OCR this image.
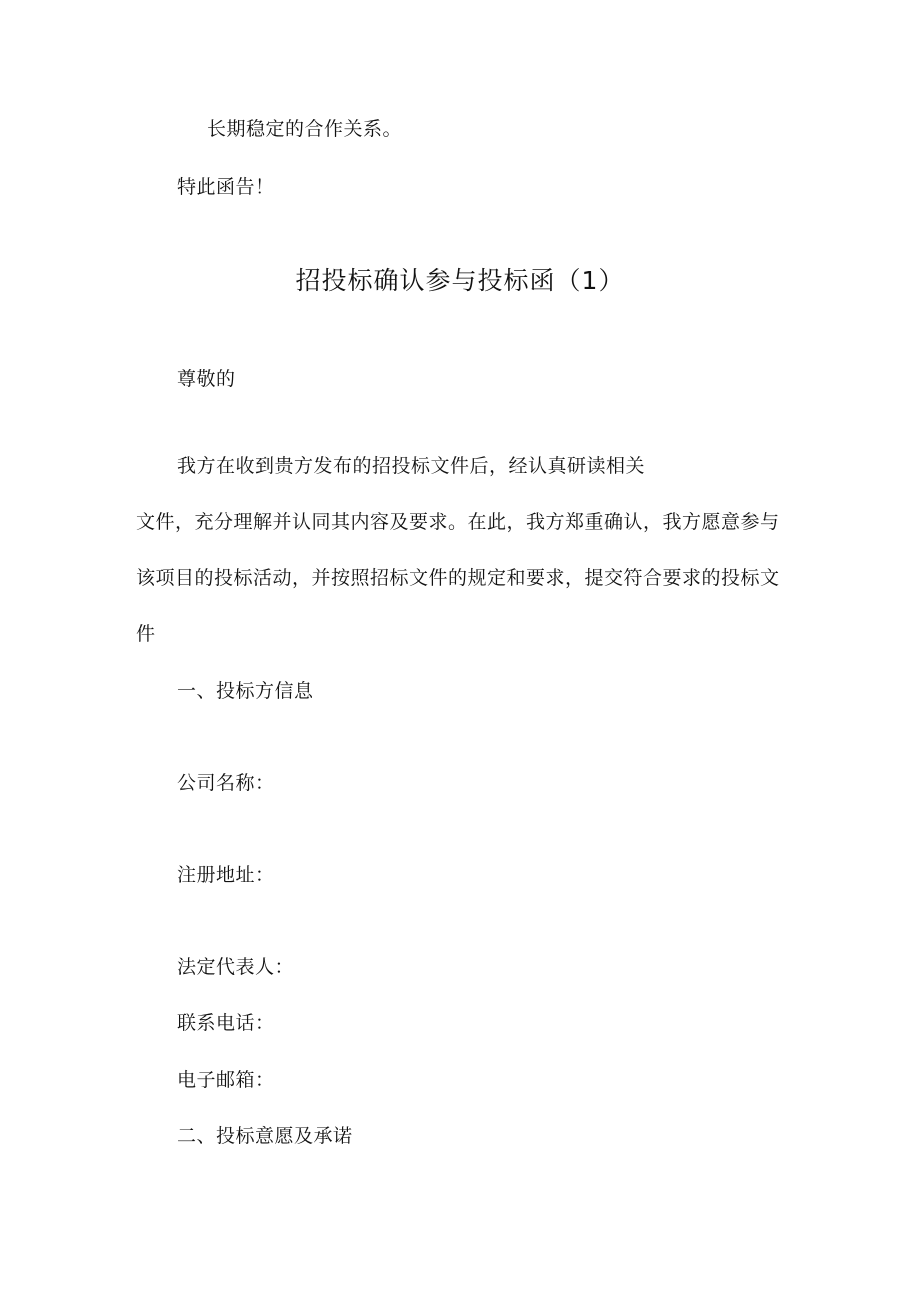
长期稳定的合作关系。
特此函告！
招投标确认参与投标函（1）
尊敬的
我方在收到贵方发布的招投标文件后，经认真研读相关
文件，充分理解并认同其内容及要求。在此，我方郑重确认，我方愿意参与
该项目的投标活动，并按照招标文件的规定和要求，提交符合要求的投标文
件
一、投标方信息
公司名称：
注册地址：
法定代表人：
联系电话：
电子邮箱：
二、投标意愿及承诺
